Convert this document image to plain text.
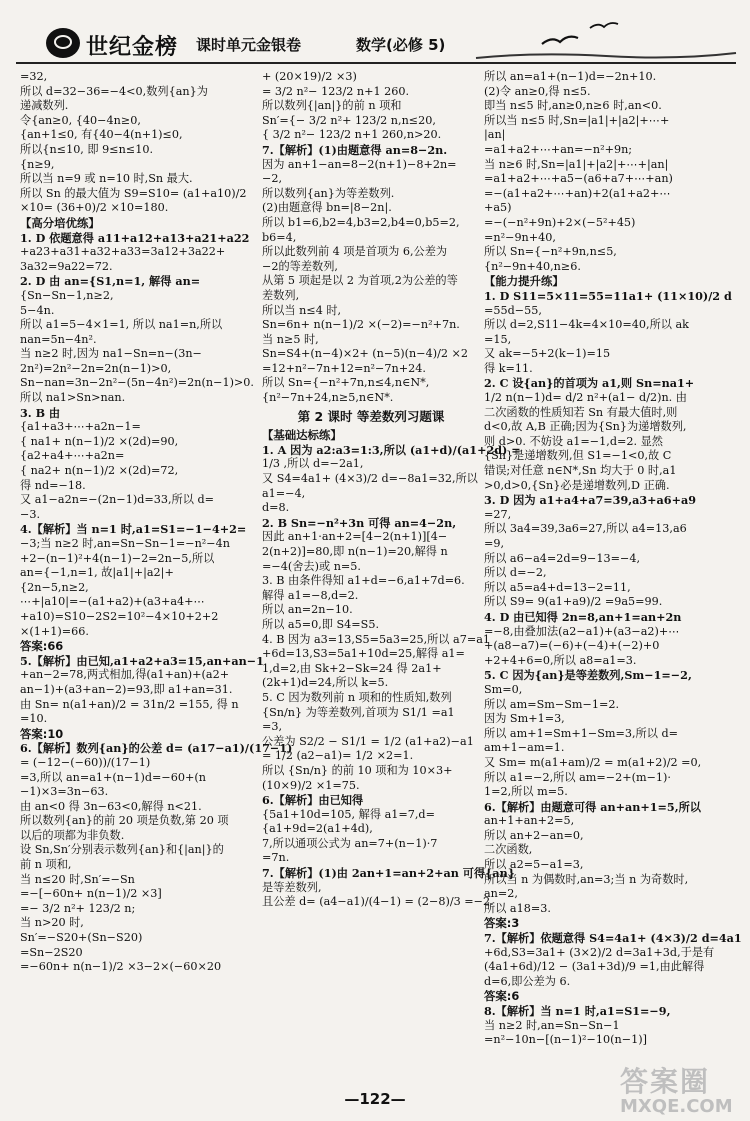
世纪金榜 课时单元金银卷	数学(必修 5)
=32,
所以 d=32−36=−4<0,数列{an}为
递减数列.
令{an≥0, {40−4n≥0,
{an+1≤0, 有{40−4(n+1)≤0,
所以{n≤10, 即 9≤n≤10.
{n≥9,
所以当 n=9 或 n=10 时,Sn 最大.
所以 Sn 的最大值为 S9=S10= (a1+a10)/2
×10= (36+0)/2 ×10=180.
【高分培优练】
1. D 依题意得 a11+a12+a13+a21+a22
+a23+a31+a32+a33=3a12+3a22+
3a32=9a22=72.
2. D 由 an={S1,n=1, 解得 an=
{Sn−Sn−1,n≥2,
5−4n.
所以 a1=5−4×1=1, 所以 na1=n,所以
nan=5n−4n².
当 n≥2 时,因为 na1−Sn=n−(3n−
2n²)=2n²−2n=2n(n−1)>0,
Sn−nan=3n−2n²−(5n−4n²)=2n(n−1)>0.
所以 na1>Sn>nan.
3. B 由
{a1+a3+⋯+a2n−1=
{ na1+ n(n−1)/2 ×(2d)=90,
{a2+a4+⋯+a2n=
{ na2+ n(n−1)/2 ×(2d)=72,
得 nd=−18.
又 a1−a2n=−(2n−1)d=33,所以 d=
−3.
4.【解析】当 n=1 时,a1=S1=−1−4+2=
−3;当 n≥2 时,an=Sn−Sn−1=−n²−4n
+2−(n−1)²+4(n−1)−2=2n−5,所以
an={−1,n=1, 故|a1|+|a2|+
{2n−5,n≥2,
⋯+|a10|=−(a1+a2)+(a3+a4+⋯
+a10)=S10−2S2=10²−4×10+2+2
×(1+1)=66.
答案:66
5.【解析】由已知,a1+a2+a3=15,an+an−1
+an−2=78,两式相加,得(a1+an)+(a2+
an−1)+(a3+an−2)=93,即 a1+an=31.
由 Sn= n(a1+an)/2 = 31n/2 =155, 得 n
=10.
答案:10
6.【解析】数列{an}的公差 d= (a17−a1)/(17−1)
= (−12−(−60))/(17−1)
=3,所以 an=a1+(n−1)d=−60+(n
−1)×3=3n−63.
由 an<0 得 3n−63<0,解得 n<21.
所以数列{an}的前 20 项是负数,第 20 项
以后的项都为非负数.
设 Sn,Sn′分别表示数列{an}和{|an|}的
前 n 项和,
当 n≤20 时,Sn′=−Sn
=−[−60n+ n(n−1)/2 ×3]
=− 3/2 n²+ 123/2 n;
当 n>20 时,
Sn′=−S20+(Sn−S20)
=Sn−2S20
=−60n+ n(n−1)/2 ×3−2×(−60×20
+ (20×19)/2 ×3)
= 3/2 n²− 123/2 n+1 260.
所以数列{|an|}的前 n 项和
Sn′={− 3/2 n²+ 123/2 n,n≤20,
{ 3/2 n²− 123/2 n+1 260,n>20.
7.【解析】(1)由题意得 an=8−2n.
因为 an+1−an=8−2(n+1)−8+2n=
−2,
所以数列{an}为等差数列.
(2)由题意得 bn=|8−2n|.
所以 b1=6,b2=4,b3=2,b4=0,b5=2,
b6=4,
所以此数列前 4 项是首项为 6,公差为
−2的等差数列,
从第 5 项起是以 2 为首项,2为公差的等
差数列,
所以当 n≤4 时,
Sn=6n+ n(n−1)/2 ×(−2)=−n²+7n.
当 n≥5 时,
Sn=S4+(n−4)×2+ (n−5)(n−4)/2 ×2
=12+n²−7n+12=n²−7n+24.
所以 Sn={−n²+7n,n≤4,n∈N*,
{n²−7n+24,n≥5,n∈N*.
第 2 课时 等差数列习题课
【基础达标练】
1. A 因为 a2:a3=1:3,所以 (a1+d)/(a1+2d) =
1/3 ,所以 d=−2a1,
又 S4=4a1+ (4×3)/2 d=−8a1=32,所以
a1=−4,
d=8.
2. B Sn=−n²+3n 可得 an=4−2n,
因此 an+1·an+2=[4−2(n+1)][4−
2(n+2)]=80,即 n(n−1)=20,解得 n
=−4(舍去)或 n=5.
3. B 由条件得知 a1+d=−6,a1+7d=6.
解得 a1=−8,d=2.
所以 an=2n−10.
所以 a5=0,即 S4=S5.
4. B 因为 a3=13,S5=5a3=25,所以 a7=a1
+6d=13,S3=5a1+10d=25,解得 a1=
1,d=2,由 Sk+2−Sk=24 得 2a1+
(2k+1)d=24,所以 k=5.
5. C 因为数列前 n 项和的性质知,数列
{Sn/n} 为等差数列,首项为 S1/1 =a1
=3,
公差为 S2/2 − S1/1 = 1/2 (a1+a2)−a1
= 1/2 (a2−a1)= 1/2 ×2=1.
所以 {Sn/n} 的前 10 项和为 10×3+
(10×9)/2 ×1=75.
6.【解析】由已知得
{5a1+10d=105, 解得 a1=7,d=
{a1+9d=2(a1+4d),
7,所以通项公式为 an=7+(n−1)·7
=7n.
7.【解析】(1)由 2an+1=an+2+an 可得{an}
是等差数列,
且公差 d= (a4−a1)/(4−1) = (2−8)/3 =−2.
所以 an=a1+(n−1)d=−2n+10.
(2)令 an≥0,得 n≤5.
即当 n≤5 时,an≥0,n≥6 时,an<0.
所以当 n≤5 时,Sn=|a1|+|a2|+⋯+
|an|
=a1+a2+⋯+an=−n²+9n;
当 n≥6 时,Sn=|a1|+|a2|+⋯+|an|
=a1+a2+⋯+a5−(a6+a7+⋯+an)
=−(a1+a2+⋯+an)+2(a1+a2+⋯
+a5)
=−(−n²+9n)+2×(−5²+45)
=n²−9n+40,
所以 Sn={−n²+9n,n≤5,
{n²−9n+40,n≥6.
【能力提升练】
1. D S11=5×11=55=11a1+ (11×10)/2 d
=55d−55,
所以 d=2,S11−4k=4×10=40,所以 ak
=15,
又 ak=−5+2(k−1)=15
得 k=11.
2. C 设{an}的首项为 a1,则 Sn=na1+
1/2 n(n−1)d= d/2 n²+(a1− d/2)n. 由
二次函数的性质知若 Sn 有最大值时,则
d<0,故 A,B 正确;因为{Sn}为递增数列,
则 d>0. 不妨设 a1=−1,d=2. 显然
{Sn}是递增数列,但 S1=−1<0,故 C
错误;对任意 n∈N*,Sn 均大于 0 时,a1
>0,d>0,{Sn}必是递增数列,D 正确.
3. D 因为 a1+a4+a7=39,a3+a6+a9
=27,
所以 3a4=39,3a6=27,所以 a4=13,a6
=9,
所以 a6−a4=2d=9−13=−4,
所以 d=−2,
所以 a5=a4+d=13−2=11,
所以 S9= 9(a1+a9)/2 =9a5=99.
4. D 由已知得 2n=8,an+1=an+2n
=−8,由叠加法(a2−a1)+(a3−a2)+⋯
+(a8−a7)=(−6)+(−4)+(−2)+0
+2+4+6=0,所以 a8=a1=3.
5. C 因为{an}是等差数列,Sm−1=−2,
Sm=0,
所以 am=Sm−Sm−1=2.
因为 Sm+1=3,
所以 am+1=Sm+1−Sm=3,所以 d=
am+1−am=1.
又 Sm= m(a1+am)/2 = m(a1+2)/2 =0,
所以 a1=−2,所以 am=−2+(m−1)·
1=2,所以 m=5.
6.【解析】由题意可得 an+an+1=5,所以
an+1+an+2=5,
所以 an+2−an=0,
二次函数,
所以 a2=5−a1=3,
所以当 n 为偶数时,an=3;当 n 为奇数时,
an=2,
所以 a18=3.
答案:3
7.【解析】依题意得 S4=4a1+ (4×3)/2 d=4a1
+6d,S3=3a1+ (3×2)/2 d=3a1+3d,于是有
(4a1+6d)/12 − (3a1+3d)/9 =1,由此解得
d=6,即公差为 6.
答案:6
8.【解析】当 n=1 时,a1=S1=−9,
当 n≥2 时,an=Sn−Sn−1
=n²−10n−[(n−1)²−10(n−1)]
—122—
答案圈
MXQE.COM
